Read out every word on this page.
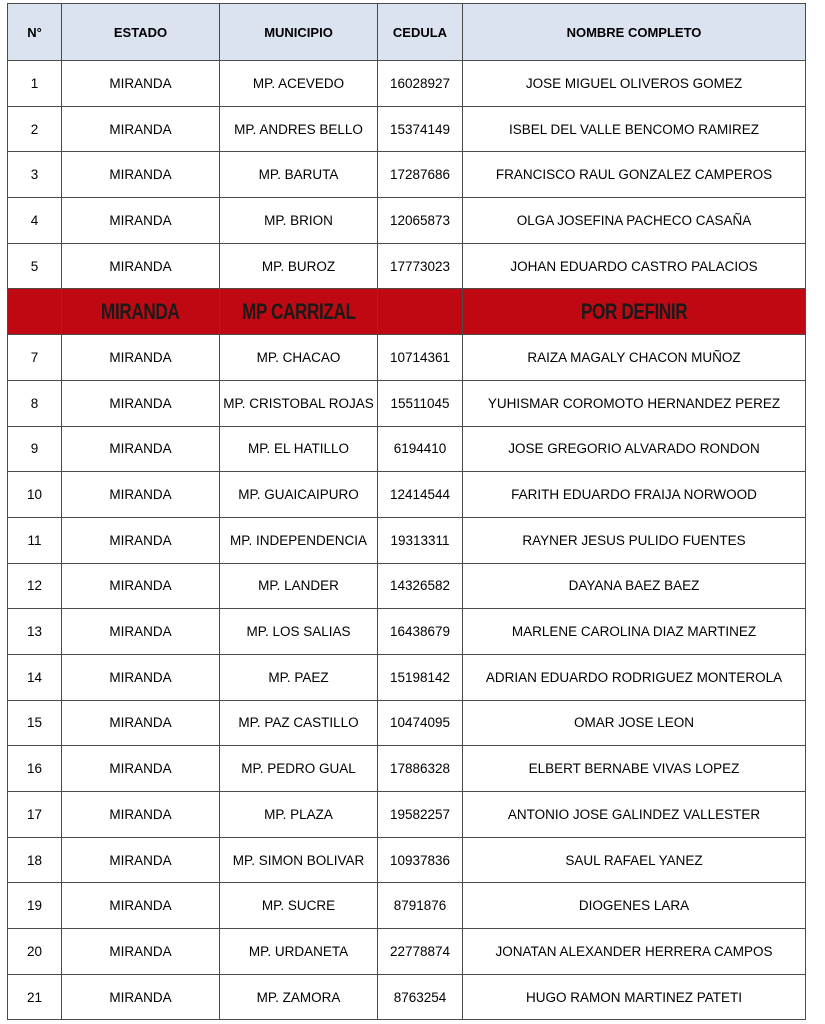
N°	ESTADO	MUNICIPIO	CEDULA	NOMBRE COMPLETO
1	MIRANDA	MP. ACEVEDO	16028927	JOSE MIGUEL OLIVEROS GOMEZ
2	MIRANDA	MP. ANDRES BELLO	15374149	ISBEL DEL VALLE BENCOMO RAMIREZ
3	MIRANDA	MP. BARUTA	17287686	FRANCISCO RAUL GONZALEZ CAMPEROS
4	MIRANDA	MP. BRION	12065873	OLGA JOSEFINA PACHECO CASAÑA
5	MIRANDA	MP. BUROZ	17773023	JOHAN EDUARDO CASTRO PALACIOS
	MIRANDA	MP CARRIZAL		POR DEFINIR
7	MIRANDA	MP. CHACAO	10714361	RAIZA MAGALY CHACON MUÑOZ
8	MIRANDA	MP. CRISTOBAL ROJAS	15511045	YUHISMAR COROMOTO HERNANDEZ PEREZ
9	MIRANDA	MP. EL HATILLO	6194410	JOSE GREGORIO ALVARADO RONDON
10	MIRANDA	MP. GUAICAIPURO	12414544	FARITH EDUARDO FRAIJA NORWOOD
11	MIRANDA	MP. INDEPENDENCIA	19313311	RAYNER JESUS PULIDO FUENTES
12	MIRANDA	MP. LANDER	14326582	DAYANA BAEZ BAEZ
13	MIRANDA	MP. LOS SALIAS	16438679	MARLENE CAROLINA DIAZ MARTINEZ
14	MIRANDA	MP. PAEZ	15198142	ADRIAN EDUARDO RODRIGUEZ MONTEROLA
15	MIRANDA	MP. PAZ CASTILLO	10474095	OMAR JOSE LEON
16	MIRANDA	MP. PEDRO GUAL	17886328	ELBERT BERNABE VIVAS LOPEZ
17	MIRANDA	MP. PLAZA	19582257	ANTONIO JOSE GALINDEZ VALLESTER
18	MIRANDA	MP. SIMON BOLIVAR	10937836	SAUL RAFAEL YANEZ
19	MIRANDA	MP. SUCRE	8791876	DIOGENES LARA
20	MIRANDA	MP. URDANETA	22778874	JONATAN ALEXANDER HERRERA CAMPOS
21	MIRANDA	MP. ZAMORA	8763254	HUGO RAMON MARTINEZ PATETI
